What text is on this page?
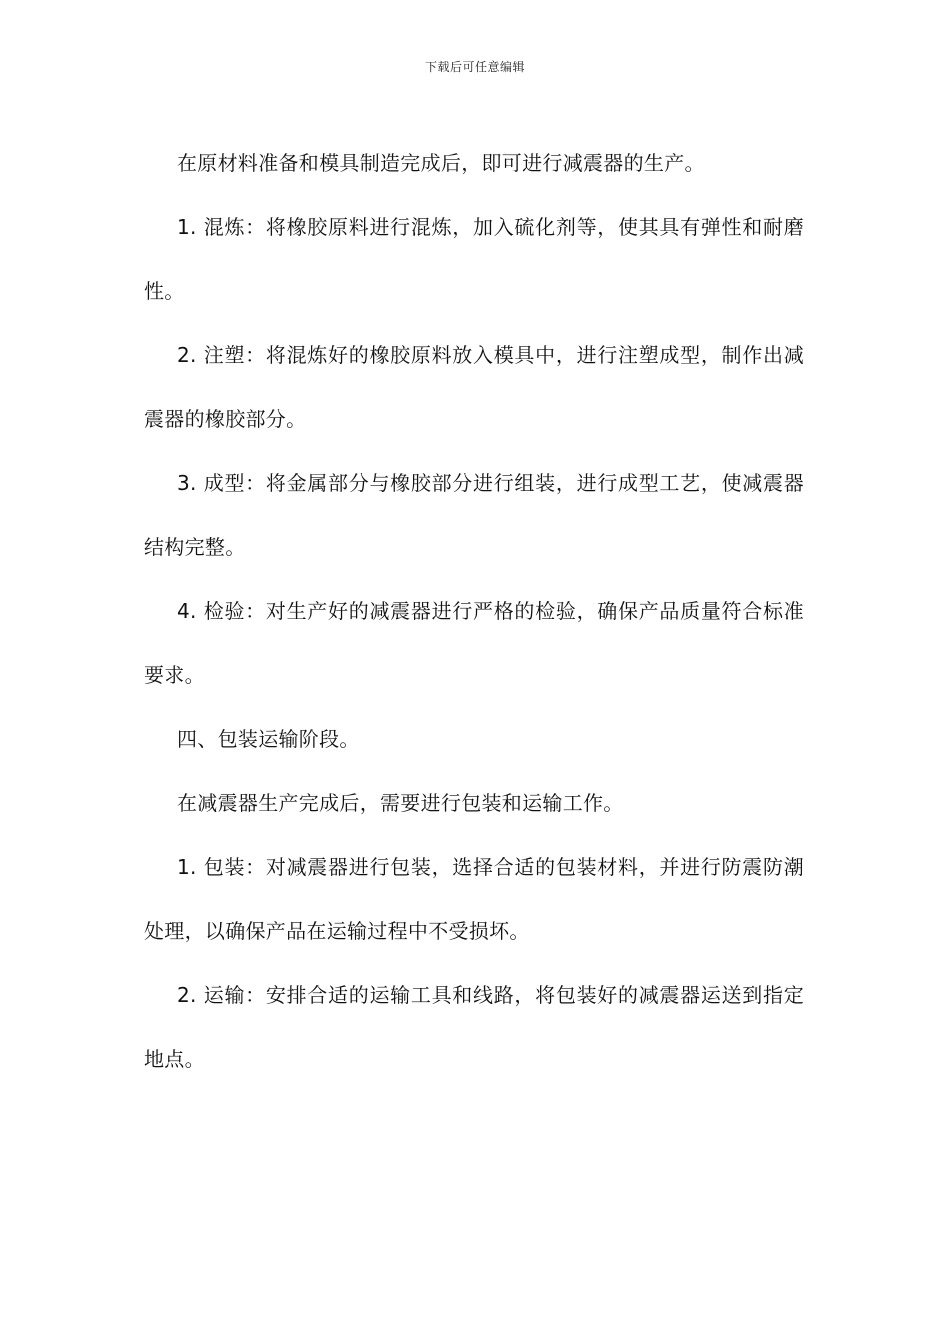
下载后可任意编辑

在原材料准备和模具制造完成后，即可进行减震器的生产。

1. 混炼：将橡胶原料进行混炼，加入硫化剂等，使其具有弹性和耐磨性。

2. 注塑：将混炼好的橡胶原料放入模具中，进行注塑成型，制作出减震器的橡胶部分。

3. 成型：将金属部分与橡胶部分进行组装，进行成型工艺，使减震器结构完整。

4. 检验：对生产好的减震器进行严格的检验，确保产品质量符合标准要求。

四、包装运输阶段。

在减震器生产完成后，需要进行包装和运输工作。

1. 包装：对减震器进行包装，选择合适的包装材料，并进行防震防潮处理，以确保产品在运输过程中不受损坏。

2. 运输：安排合适的运输工具和线路，将包装好的减震器运送到指定地点。
